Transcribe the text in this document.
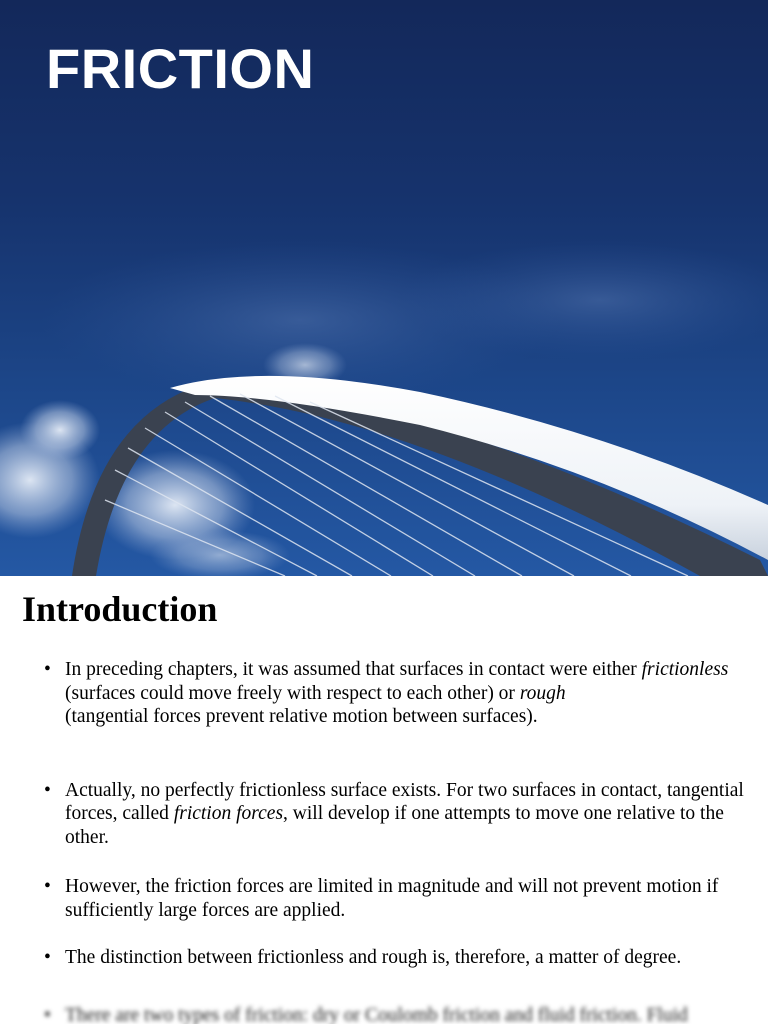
FRICTION
Introduction
• In preceding chapters, it was assumed that surfaces in contact were either frictionless (surfaces could move freely with respect to each other) or rough
(tangential forces prevent relative motion between surfaces).
• Actually, no perfectly frictionless surface exists. For two surfaces in contact, tangential forces, called friction forces, will develop if one attempts to move one relative to the other.
• However, the friction forces are limited in magnitude and will not prevent motion if sufficiently large forces are applied.
• The distinction between frictionless and rough is, therefore, a matter of degree.
• There are two types of friction: dry or Coulomb friction and fluid friction. Fluid
